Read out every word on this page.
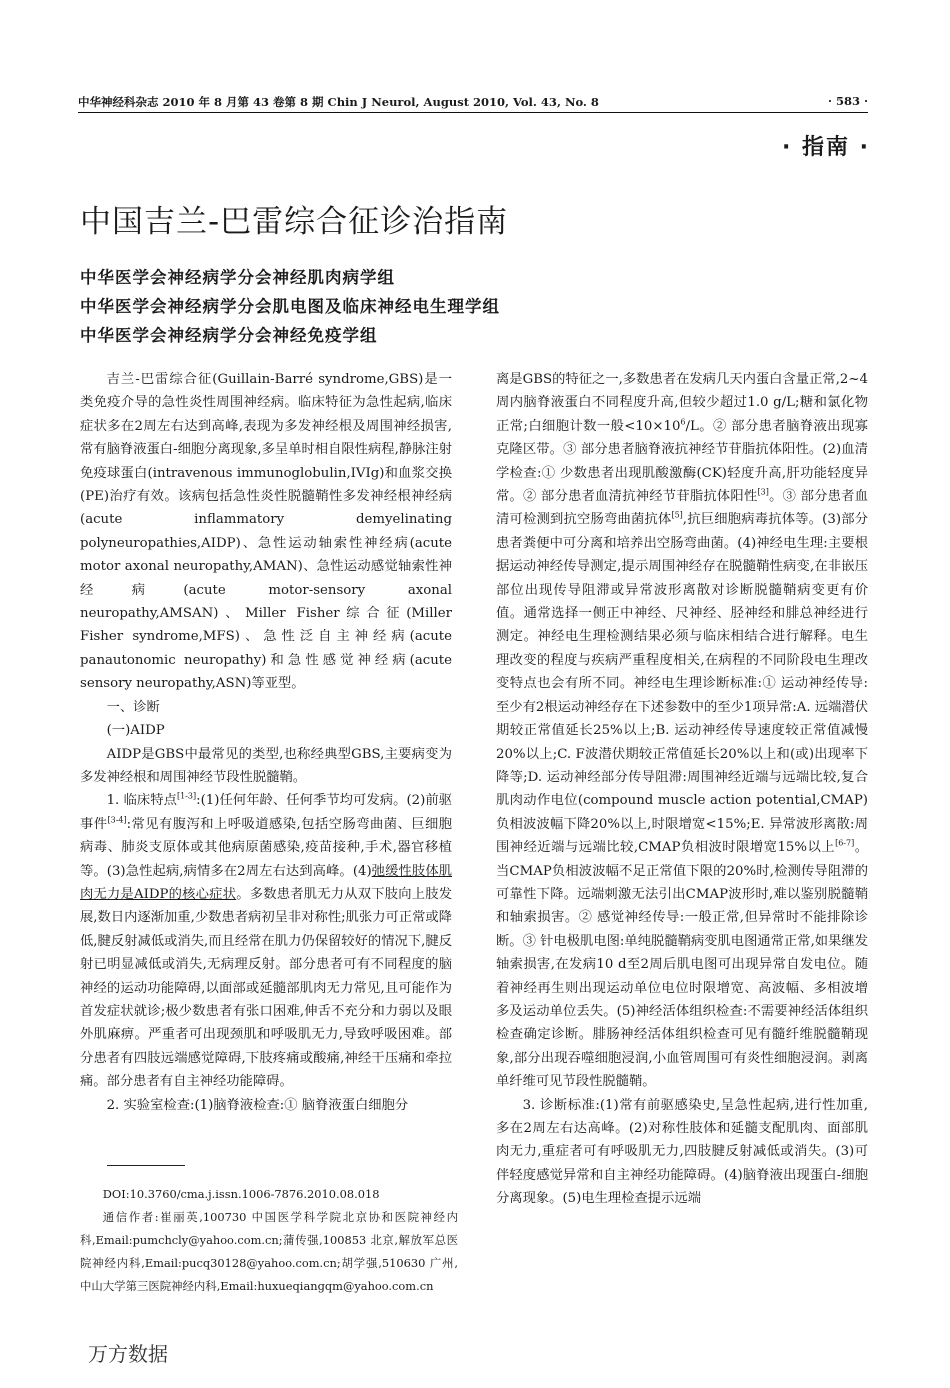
中华神经科杂志 2010 年 8 月第 43 卷第 8 期 Chin J Neurol, August 2010, Vol. 43, No. 8	· 583 ·
· 指南 ·
中国吉兰-巴雷综合征诊治指南
中华医学会神经病学分会神经肌肉病学组
中华医学会神经病学分会肌电图及临床神经电生理学组
中华医学会神经病学分会神经免疫学组

吉兰-巴雷综合征(Guillain-Barré syndrome,GBS)是一类免疫介导的急性炎性周围神经病。临床特征为急性起病,临床症状多在2周左右达到高峰,表现为多发神经根及周围神经损害,常有脑脊液蛋白-细胞分离现象,多呈单时相自限性病程,静脉注射免疫球蛋白(intravenous immunoglobulin,IVIg)和血浆交换(PE)治疗有效。该病包括急性炎性脱髓鞘性多发神经根神经病(acute inflammatory demyelinating polyneuropathies,AIDP)、急性运动轴索性神经病(acute motor axonal neuropathy,AMAN)、急性运动感觉轴索性神经病(acute motor-sensory axonal neuropathy,AMSAN)、Miller Fisher综合征(Miller Fisher syndrome,MFS)、急性泛自主神经病(acute panautonomic neuropathy)和急性感觉神经病(acute sensory neuropathy,ASN)等亚型。

一、诊断

(一)AIDP

AIDP是GBS中最常见的类型,也称经典型GBS,主要病变为多发神经根和周围神经节段性脱髓鞘。

1. 临床特点[1-3]:(1)任何年龄、任何季节均可发病。(2)前驱事件[3-4]:常见有腹泻和上呼吸道感染,包括空肠弯曲菌、巨细胞病毒、肺炎支原体或其他病原菌感染,疫苗接种,手术,器官移植等。(3)急性起病,病情多在2周左右达到高峰。(4)弛缓性肢体肌肉无力是AIDP的核心症状。多数患者肌无力从双下肢向上肢发展,数日内逐渐加重,少数患者病初呈非对称性;肌张力可正常或降低,腱反射减低或消失,而且经常在肌力仍保留较好的情况下,腱反射已明显减低或消失,无病理反射。部分患者可有不同程度的脑神经的运动功能障碍,以面部或延髓部肌肉无力常见,且可能作为首发症状就诊;极少数患者有张口困难,伸舌不充分和力弱以及眼外肌麻痹。严重者可出现颈肌和呼吸肌无力,导致呼吸困难。部分患者有四肢远端感觉障碍,下肢疼痛或酸痛,神经干压痛和牵拉痛。部分患者有自主神经功能障碍。

2. 实验室检查:(1)脑脊液检查:① 脑脊液蛋白细胞分

DOI:10.3760/cma.j.issn.1006-7876.2010.08.018

通信作者:崔丽英,100730 中国医学科学院北京协和医院神经内科,Email:pumchcly@yahoo.com.cn;蒲传强,100853 北京,解放军总医院神经内科,Email:pucq30128@yahoo.com.cn;胡学强,510630 广州,中山大学第三医院神经内科,Email:huxueqiangqm@yahoo.com.cn

离是GBS的特征之一,多数患者在发病几天内蛋白含量正常,2~4周内脑脊液蛋白不同程度升高,但较少超过1.0 g/L;糖和氯化物正常;白细胞计数一般$<10\times 10^6/L$。② 部分患者脑脊液出现寡克隆区带。③ 部分患者脑脊液抗神经节苷脂抗体阳性。(2)血清学检查:① 少数患者出现肌酸激酶(CK)轻度升高,肝功能轻度异常。② 部分患者血清抗神经节苷脂抗体阳性[3]。③ 部分患者血清可检测到抗空肠弯曲菌抗体[5],抗巨细胞病毒抗体等。(3)部分患者粪便中可分离和培养出空肠弯曲菌。(4)神经电生理:主要根据运动神经传导测定,提示周围神经存在脱髓鞘性病变,在非嵌压部位出现传导阻滞或异常波形离散对诊断脱髓鞘病变更有价值。通常选择一侧正中神经、尺神经、胫神经和腓总神经进行测定。神经电生理检测结果必须与临床相结合进行解释。电生理改变的程度与疾病严重程度相关,在病程的不同阶段电生理改变特点也会有所不同。神经电生理诊断标准:① 运动神经传导:至少有2根运动神经存在下述参数中的至少1项异常:A. 远端潜伏期较正常值延长25%以上;B. 运动神经传导速度较正常值减慢20%以上;C. F波潜伏期较正常值延长20%以上和(或)出现率下降等;D. 运动神经部分传导阻滞:周围神经近端与远端比较,复合肌肉动作电位(compound muscle action potential,CMAP)负相波波幅下降20%以上,时限增宽<15%;E. 异常波形离散:周围神经近端与远端比较,CMAP负相波时限增宽15%以上[6-7]。当CMAP负相波波幅不足正常值下限的20%时,检测传导阻滞的可靠性下降。远端刺激无法引出CMAP波形时,难以鉴别脱髓鞘和轴索损害。② 感觉神经传导:一般正常,但异常时不能排除诊断。③ 针电极肌电图:单纯脱髓鞘病变肌电图通常正常,如果继发轴索损害,在发病10 d至2周后肌电图可出现异常自发电位。随着神经再生则出现运动单位电位时限增宽、高波幅、多相波增多及运动单位丢失。(5)神经活体组织检查:不需要神经活体组织检查确定诊断。腓肠神经活体组织检查可见有髓纤维脱髓鞘现象,部分出现吞噬细胞浸润,小血管周围可有炎性细胞浸润。剥离单纤维可见节段性脱髓鞘。

3. 诊断标准:(1)常有前驱感染史,呈急性起病,进行性加重,多在2周左右达高峰。(2)对称性肢体和延髓支配肌肉、面部肌肉无力,重症者可有呼吸肌无力,四肢腱反射减低或消失。(3)可伴轻度感觉异常和自主神经功能障碍。(4)脑脊液出现蛋白-细胞分离现象。(5)电生理检查提示远端

万方数据
